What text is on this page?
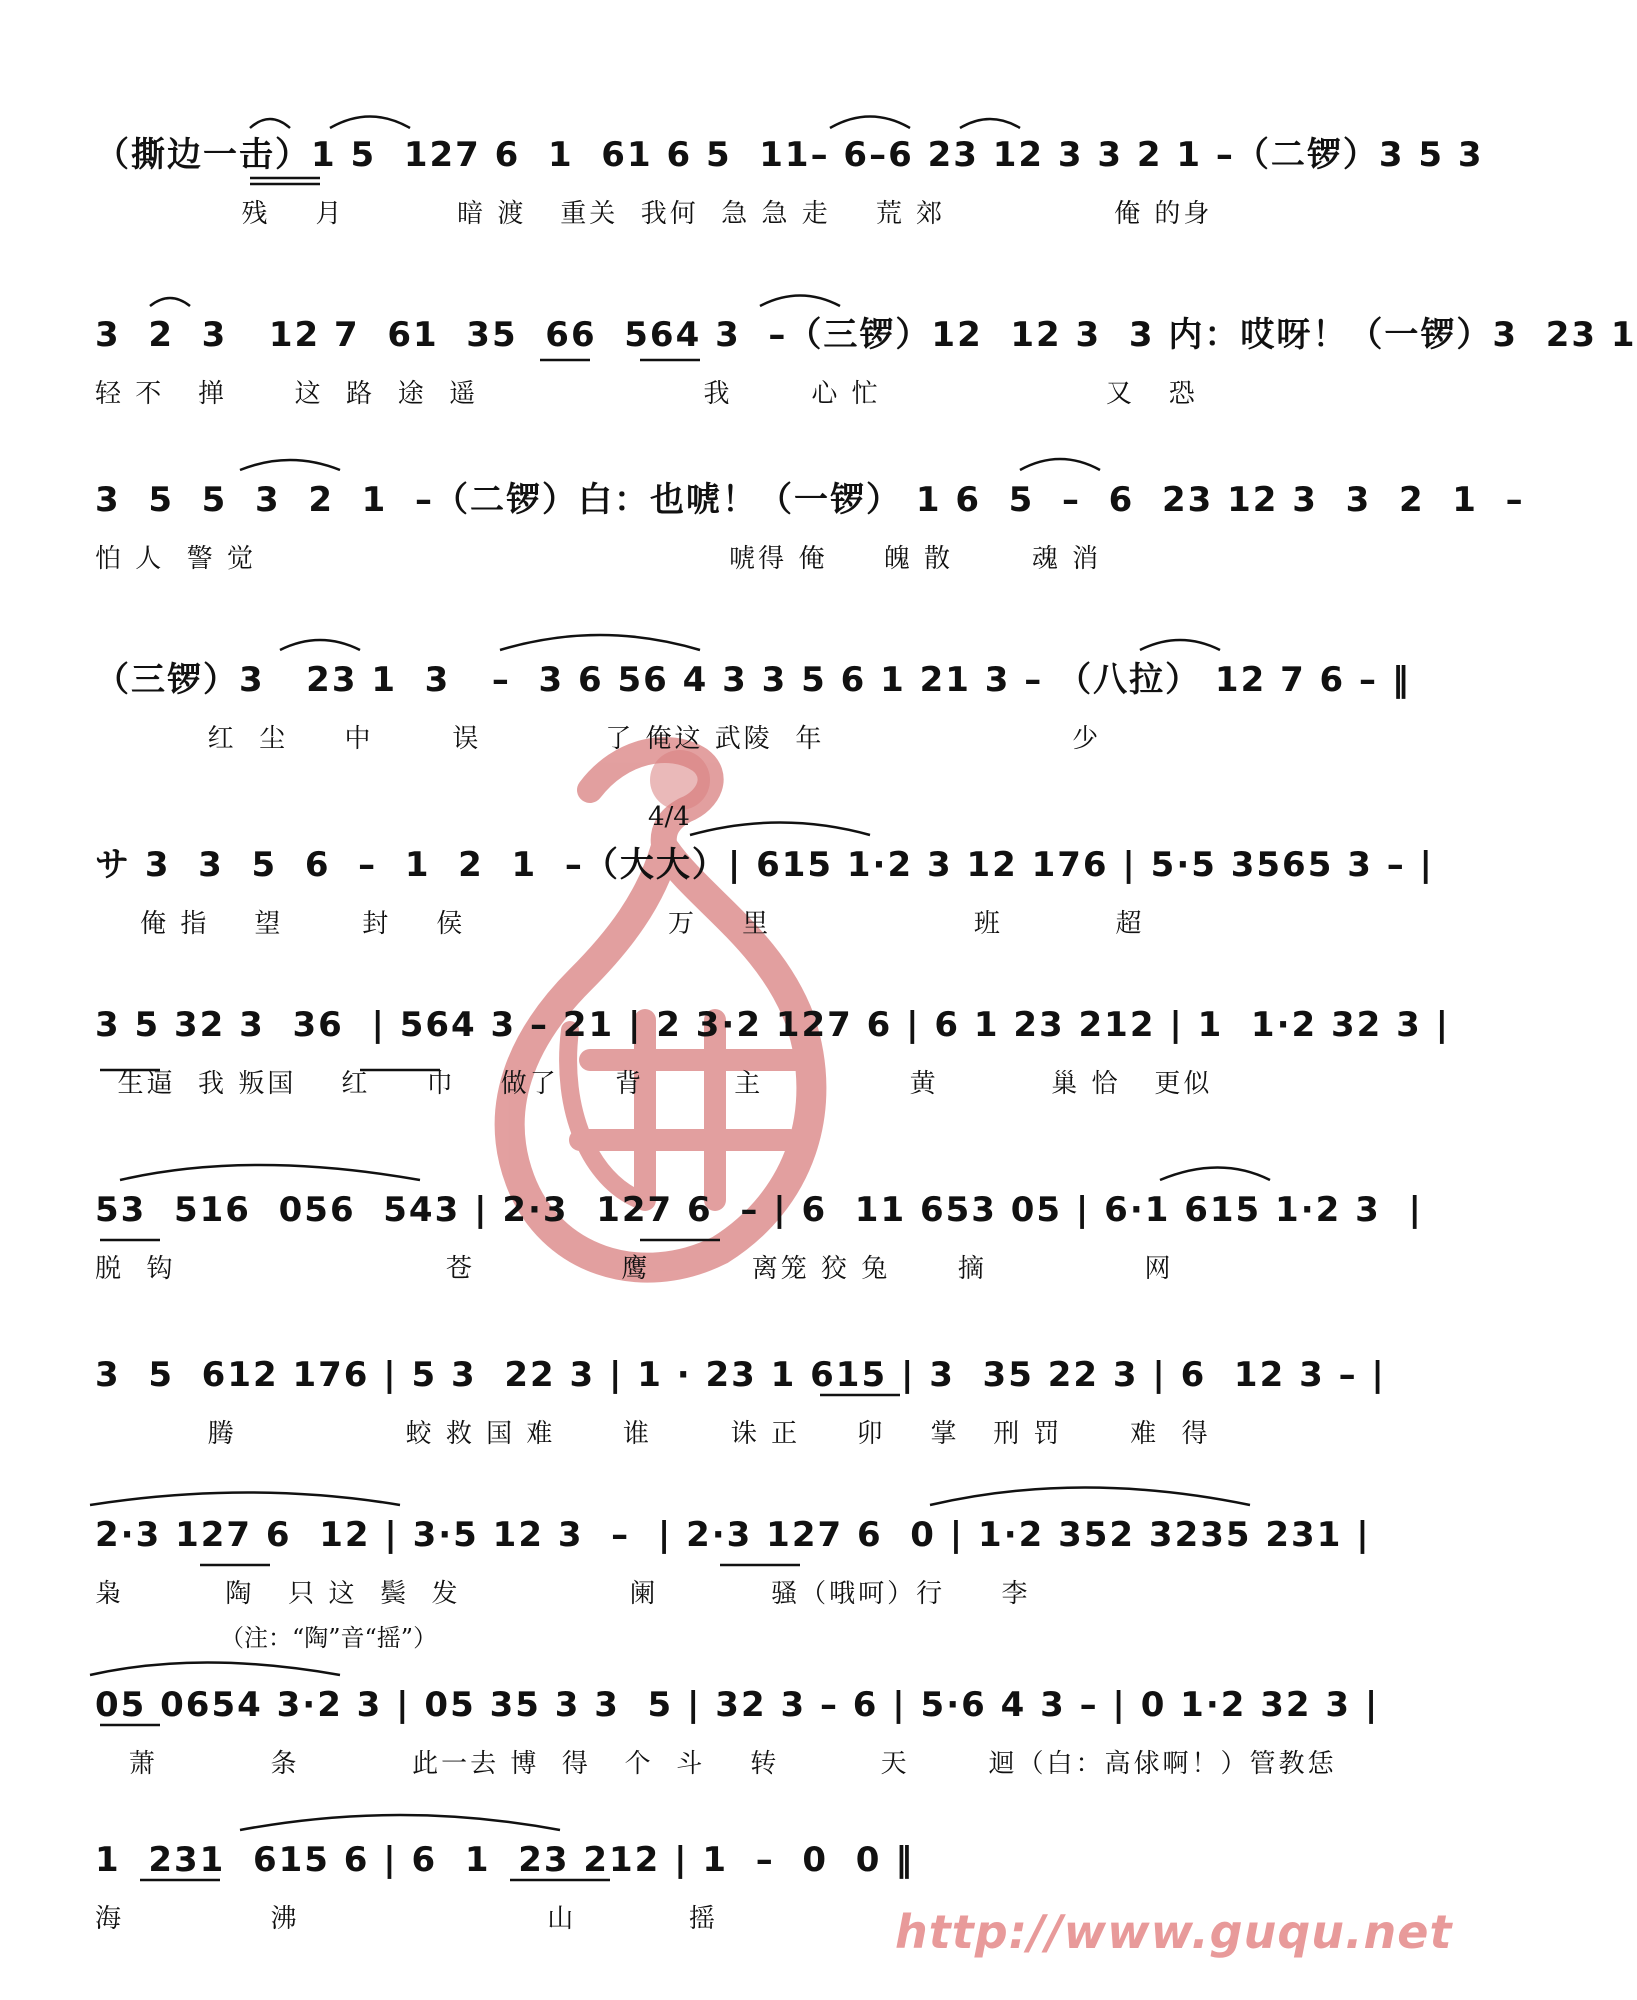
（撕边一击）1 5  127 6  1  61 6 5  11– 6–6 23 12 3 3 2 1 –（二锣）3 5 3
残    月          暗 渡   重关  我何  急 急 走    荒 郊               俺 的身
3  2  3   12 7  61  35  66  564 3  –（三锣）12  12 3  3 内：哎呀！（一锣）3  23 1
轻 不   掸      这  路  途  遥                    我       心 忙                    又   恐
3  5  5  3  2  1  –（二锣）白：也唬！（一锣） 1 6  5  –  6  23 12 3  3  2  1  –
怕 人  警 觉                                          唬得 俺     魄 散       魂 消
（三锣）3   23 1  3   –  3 6 56 4 3 3 5 6 1 21 3 – （八拉） 12 7 6 – ‖
红  尘     中       误           了 俺这 武陵  年                      少
4/4
サ 3  3  5  6  –  1  2  1  –（大大）| 615 1·2 3 12 176 | 5·5 3565 3 – |
俺 指    望       封    侯                  万    里                  班          超
3 5 32 3  36  | 564 3 – 21 | 2 3·2 127 6 | 6 1 23 212 | 1  1·2 32 3 |
生逼  我 叛国    红     巾    做了     背        主             黄          巢 恰   更似
53  516  056  543 | 2·3  127 6  – | 6  11 653 05 | 6·1 615 1·2 3  |
脱  钩                        苍             鹰         离笼 狡 兔      摘              网
3  5  612 176 | 5 3  22 3 | 1 · 23 1 615 | 3  35 22 3 | 6  12 3 – |
腾               蛟 救 国 难      谁       诛 正     卯    掌   刑 罚      难  得
2·3 127 6  12 | 3·5 12 3  –  | 2·3 127 6  0 | 1·2 352 3235 231 |
枭         陶   只 这  鬓  发               阑          骚（哦呵）行     李
（注：“陶”音“摇”）
05 0654 3·2 3 | 05 35 3 3  5 | 32 3 – 6 | 5·6 4 3 – | 0 1·2 32 3 |
萧          条          此一去 博  得   个  斗    转         天       迴（白：高俅啊！）管教恁
1  231  615 6 | 6  1  23 212 | 1  –  0  0 ‖
海             沸                      山          摇	http://www.guqu.net
